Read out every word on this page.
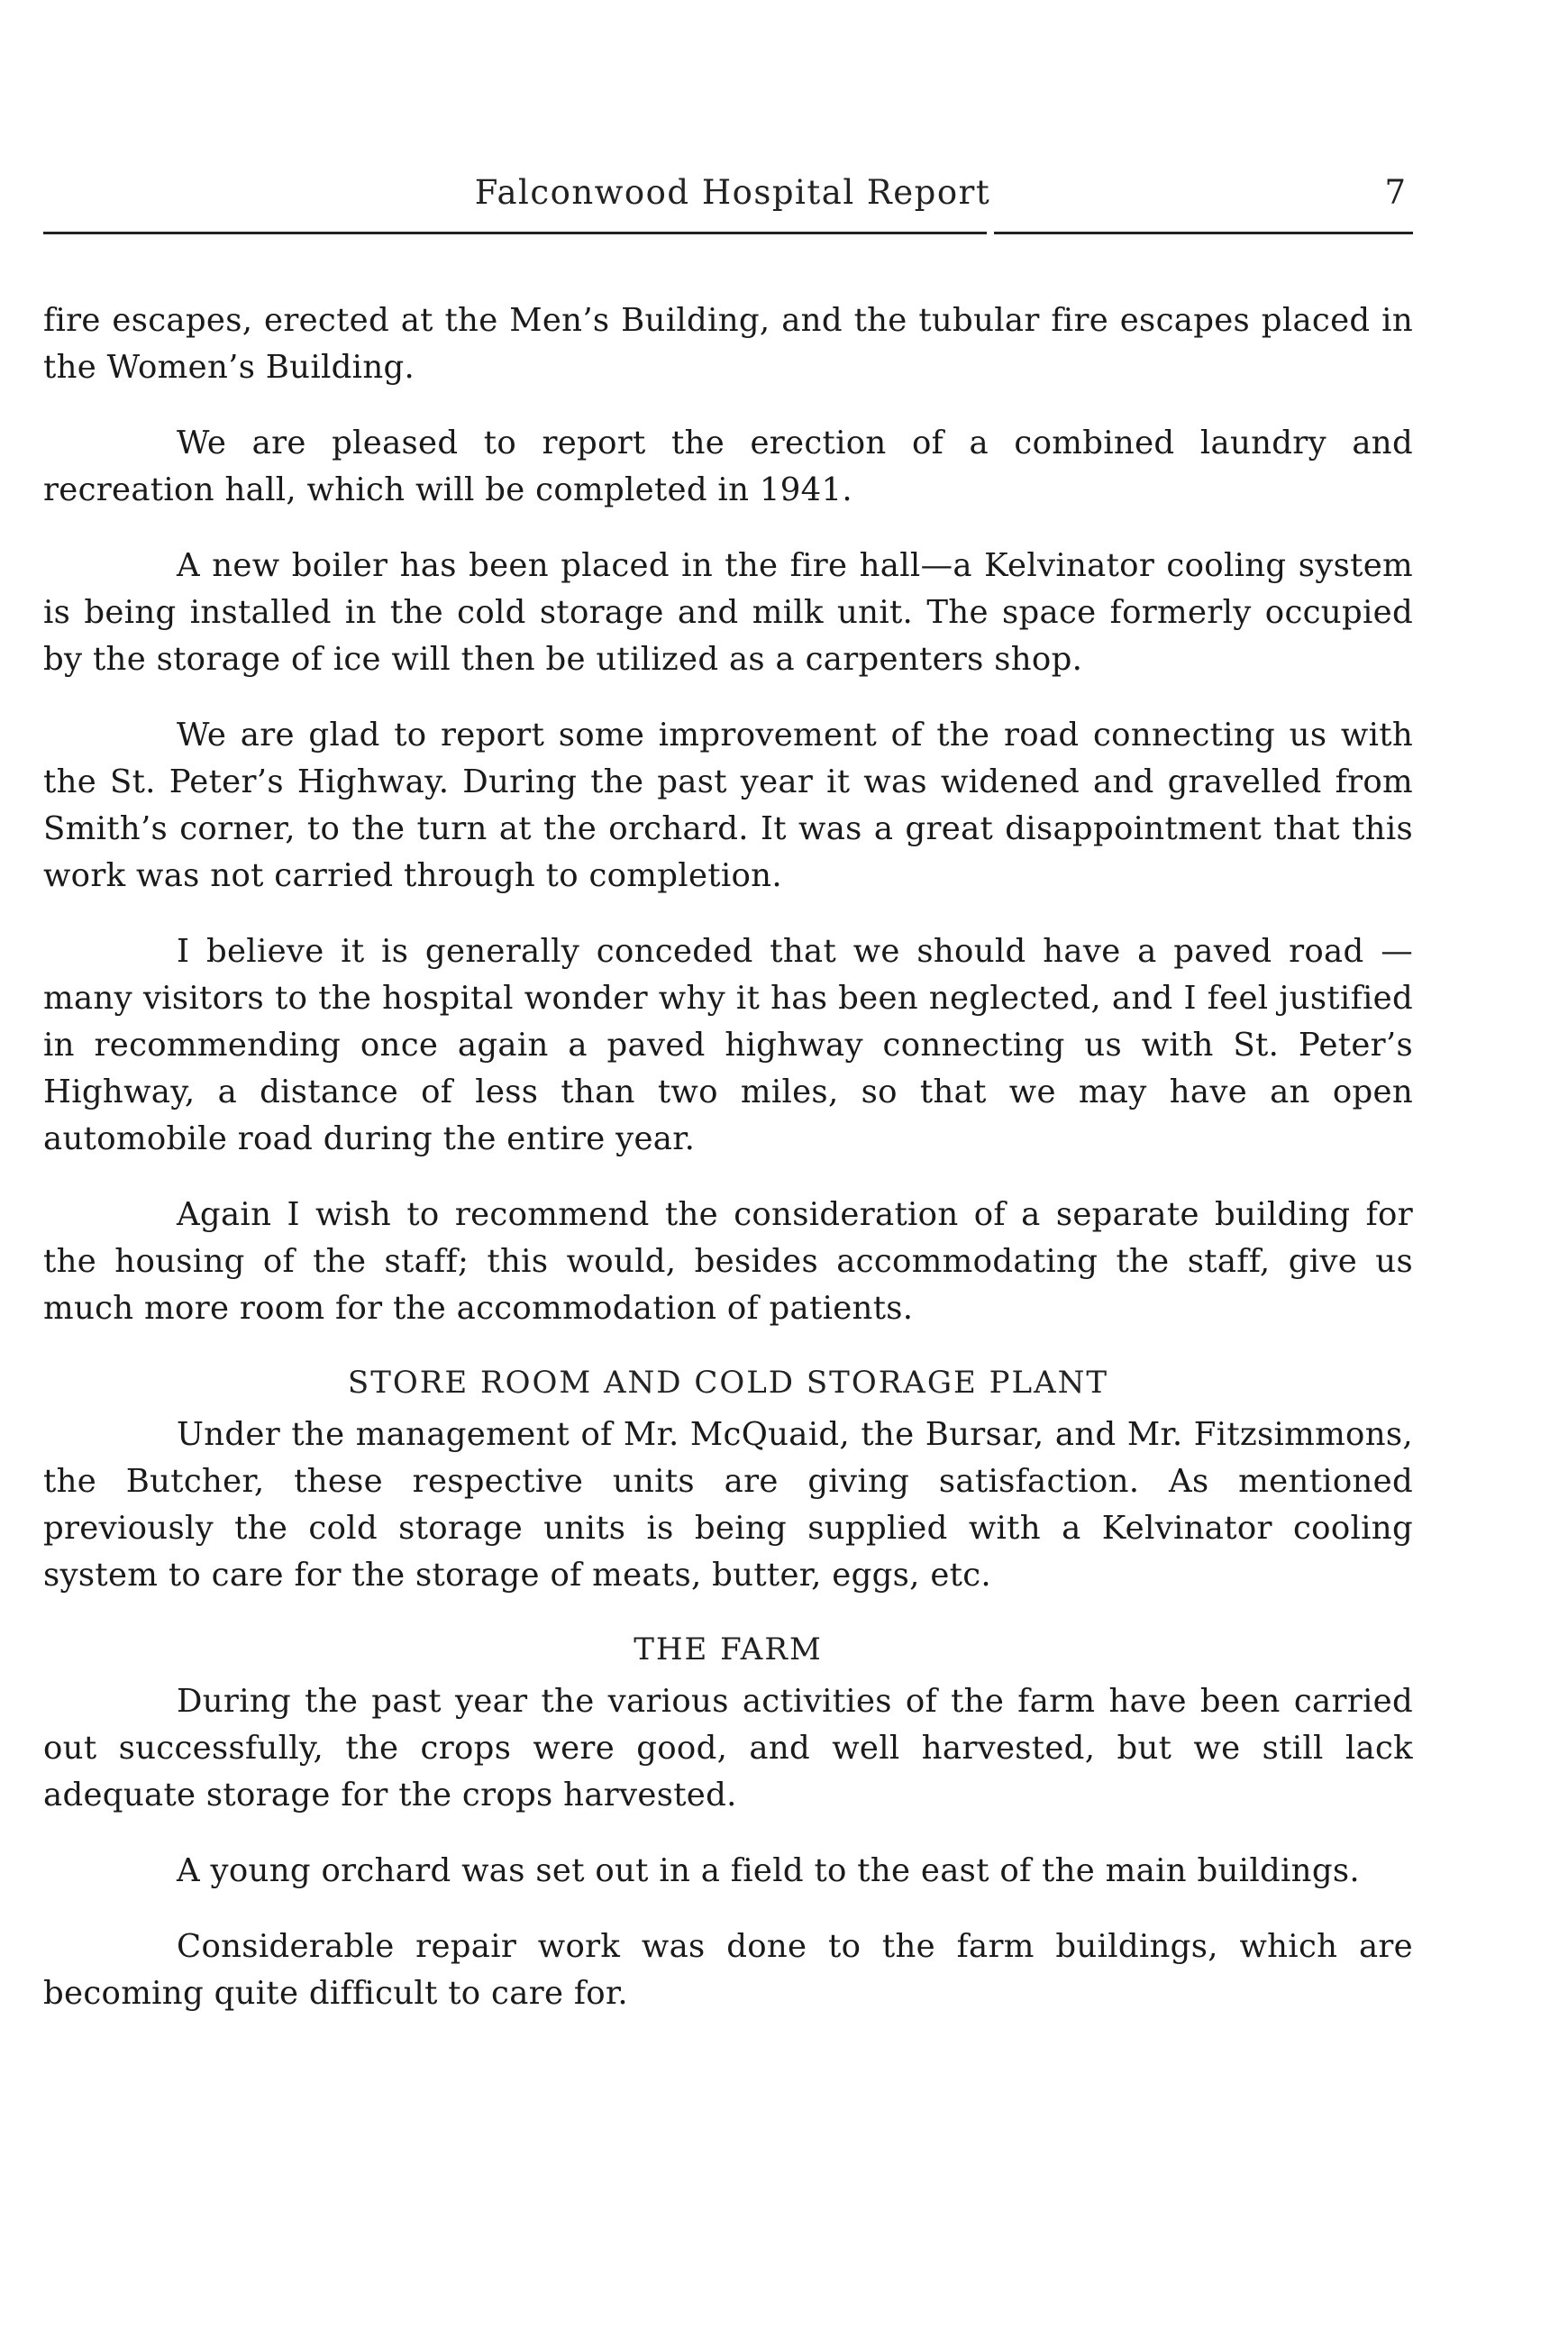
Falconwood Hospital Report	7

fire escapes, erected at the Men’s Building, and the tubular fire escapes placed in the Women’s Building.

We are pleased to report the erection of a combined laundry and recreation hall, which will be completed in 1941.

A new boiler has been placed in the fire hall—a Kelvinator cooling system is being installed in the cold storage and milk unit. The space formerly occupied by the storage of ice will then be utilized as a carpenters shop.

We are glad to report some improvement of the road connecting us with the St. Peter’s Highway. During the past year it was widened and gravelled from Smith’s corner, to the turn at the orchard. It was a great disappointment that this work was not carried through to completion.

I believe it is generally conceded that we should have a paved road —many visitors to the hospital wonder why it has been neglected, and I feel justified in recommending once again a paved highway connecting us with St. Peter’s Highway, a distance of less than two miles, so that we may have an open automobile road during the entire year.

Again I wish to recommend the consideration of a separate building for the housing of the staff; this would, besides accommodating the staff, give us much more room for the accommodation of patients.

STORE ROOM AND COLD STORAGE PLANT

Under the management of Mr. McQuaid, the Bursar, and Mr. Fitzsimmons, the Butcher, these respective units are giving satisfaction. As mentioned previously the cold storage units is being supplied with a Kelvinator cooling system to care for the storage of meats, butter, eggs, etc.

THE FARM

During the past year the various activities of the farm have been carried out successfully, the crops were good, and well harvested, but we still lack adequate storage for the crops harvested.

A young orchard was set out in a field to the east of the main buildings.

Considerable repair work was done to the farm buildings, which are becoming quite difficult to care for.
